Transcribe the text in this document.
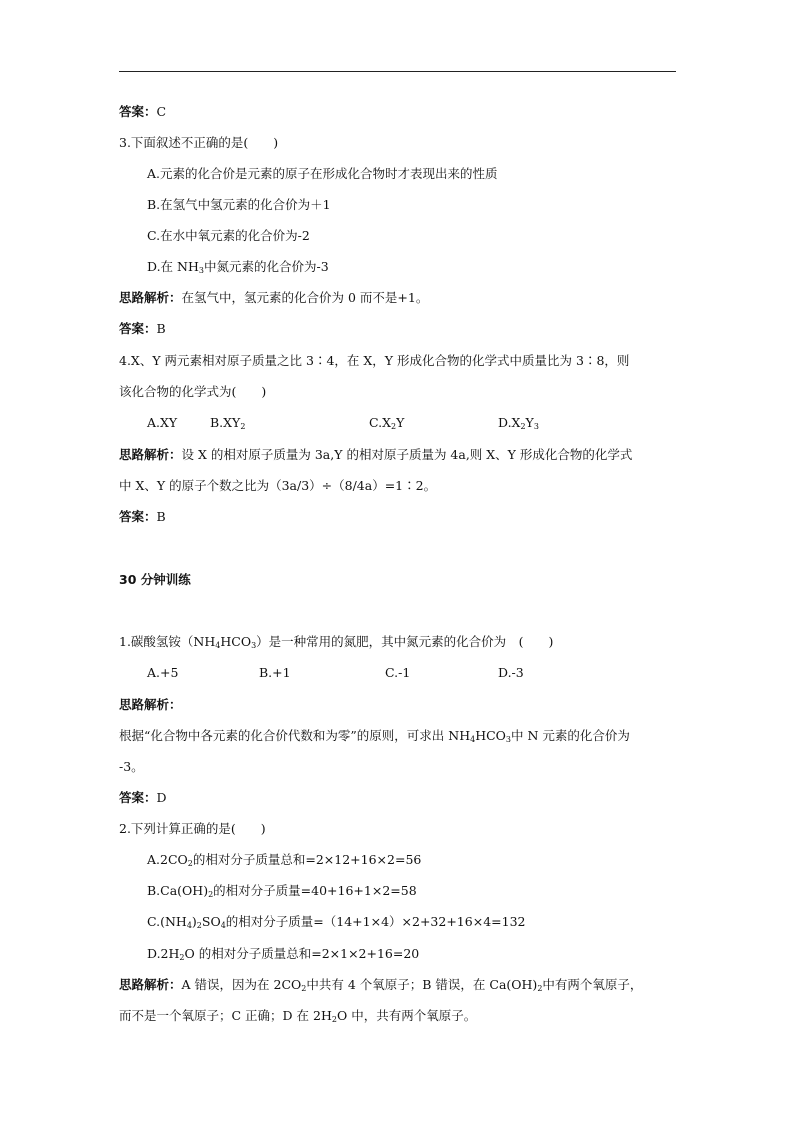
答案：C
3.下面叙述不正确的是(　　)
A.元素的化合价是元素的原子在形成化合物时才表现出来的性质
B.在氢气中氢元素的化合价为＋1
C.在水中氧元素的化合价为-2
D.在 $NH_3$中氮元素的化合价为-3
思路解析：在氢气中，氢元素的化合价为 0 而不是+1。
答案：B
4.X、Y 两元素相对原子质量之比 3∶4，在 X，Y 形成化合物的化学式中质量比为 3∶8，则
该化合物的化学式为(　　)
A.XY	$B.XY_2$	$C.X_2Y$	$D.X_2Y_3$
思路解析：设 X 的相对原子质量为 3a,Y 的相对原子质量为 4a,则 X、Y 形成化合物的化学式
中 X、Y 的原子个数之比为（3a/3）÷（8/4a）=1∶2。
答案：B
30 分钟训练
1.碳酸氢铵$(NH_4HCO_3)$是一种常用的氮肥，其中氮元素的化合价为　(　　)
A.+5	B.+1	C.-1	D.-3
思路解析：
根据“化合物中各元素的化合价代数和为零”的原则，可求出 $NH_4HCO_3$中 N 元素的化合价为
-3。
答案：D
2.下列计算正确的是(　　)
$A.2CO_2$的相对分子质量总和=2×12+16×2=56
$B.Ca(OH)_2$的相对分子质量=40+16+1×2=58
$C.(NH_4)_2SO_4$的相对分子质量=（14+1×4）×2+32+16×4=132
$D.2H_2O$ 的相对分子质量总和=2×1×2+16=20
思路解析：A 错误，因为在 $2CO_2$中共有 4 个氧原子；B 错误，在 $Ca(OH)_2$中有两个氧原子，
而不是一个氧原子；C 正确；D 在 $2H_2O$ 中，共有两个氧原子。
